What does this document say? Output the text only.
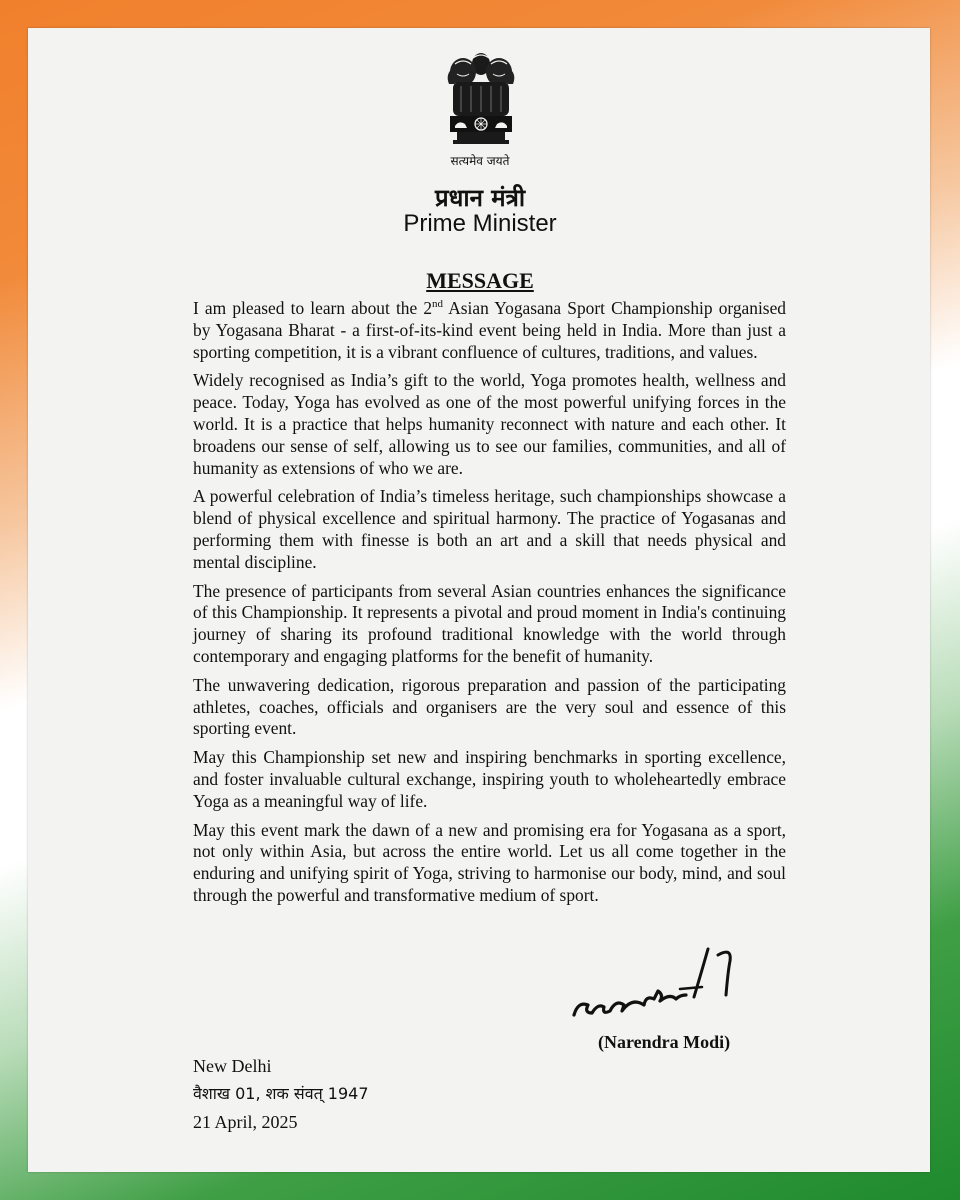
सत्यमेव जयते
प्रधान मंत्री
Prime Minister
MESSAGE

I am pleased to learn about the 2nd Asian Yogasana Sport Championship organised by Yogasana Bharat - a first-of-its-kind event being held in India. More than just a sporting competition, it is a vibrant confluence of cultures, traditions, and values.

Widely recognised as India’s gift to the world, Yoga promotes health, wellness and peace. Today, Yoga has evolved as one of the most powerful unifying forces in the world. It is a practice that helps humanity reconnect with nature and each other. It broadens our sense of self, allowing us to see our families, communities, and all of humanity as extensions of who we are.

A powerful celebration of India’s timeless heritage, such championships showcase a blend of physical excellence and spiritual harmony. The practice of Yogasanas and performing them with finesse is both an art and a skill that needs physical and mental discipline.

The presence of participants from several Asian countries enhances the significance of this Championship. It represents a pivotal and proud moment in India's continuing journey of sharing its profound traditional knowledge with the world through contemporary and engaging platforms for the benefit of humanity.

The unwavering dedication, rigorous preparation and passion of the participating athletes, coaches, officials and organisers are the very soul and essence of this sporting event.

May this Championship set new and inspiring benchmarks in sporting excellence, and foster invaluable cultural exchange, inspiring youth to wholeheartedly embrace Yoga as a meaningful way of life.

May this event mark the dawn of a new and promising era for Yogasana as a sport, not only within Asia, but across the entire world. Let us all come together in the enduring and unifying spirit of Yoga, striving to harmonise our body, mind, and soul through the powerful and transformative medium of sport.

(Narendra Modi)
New Delhi
वैशाख 01, शक संवत् 1947
21 April, 2025
